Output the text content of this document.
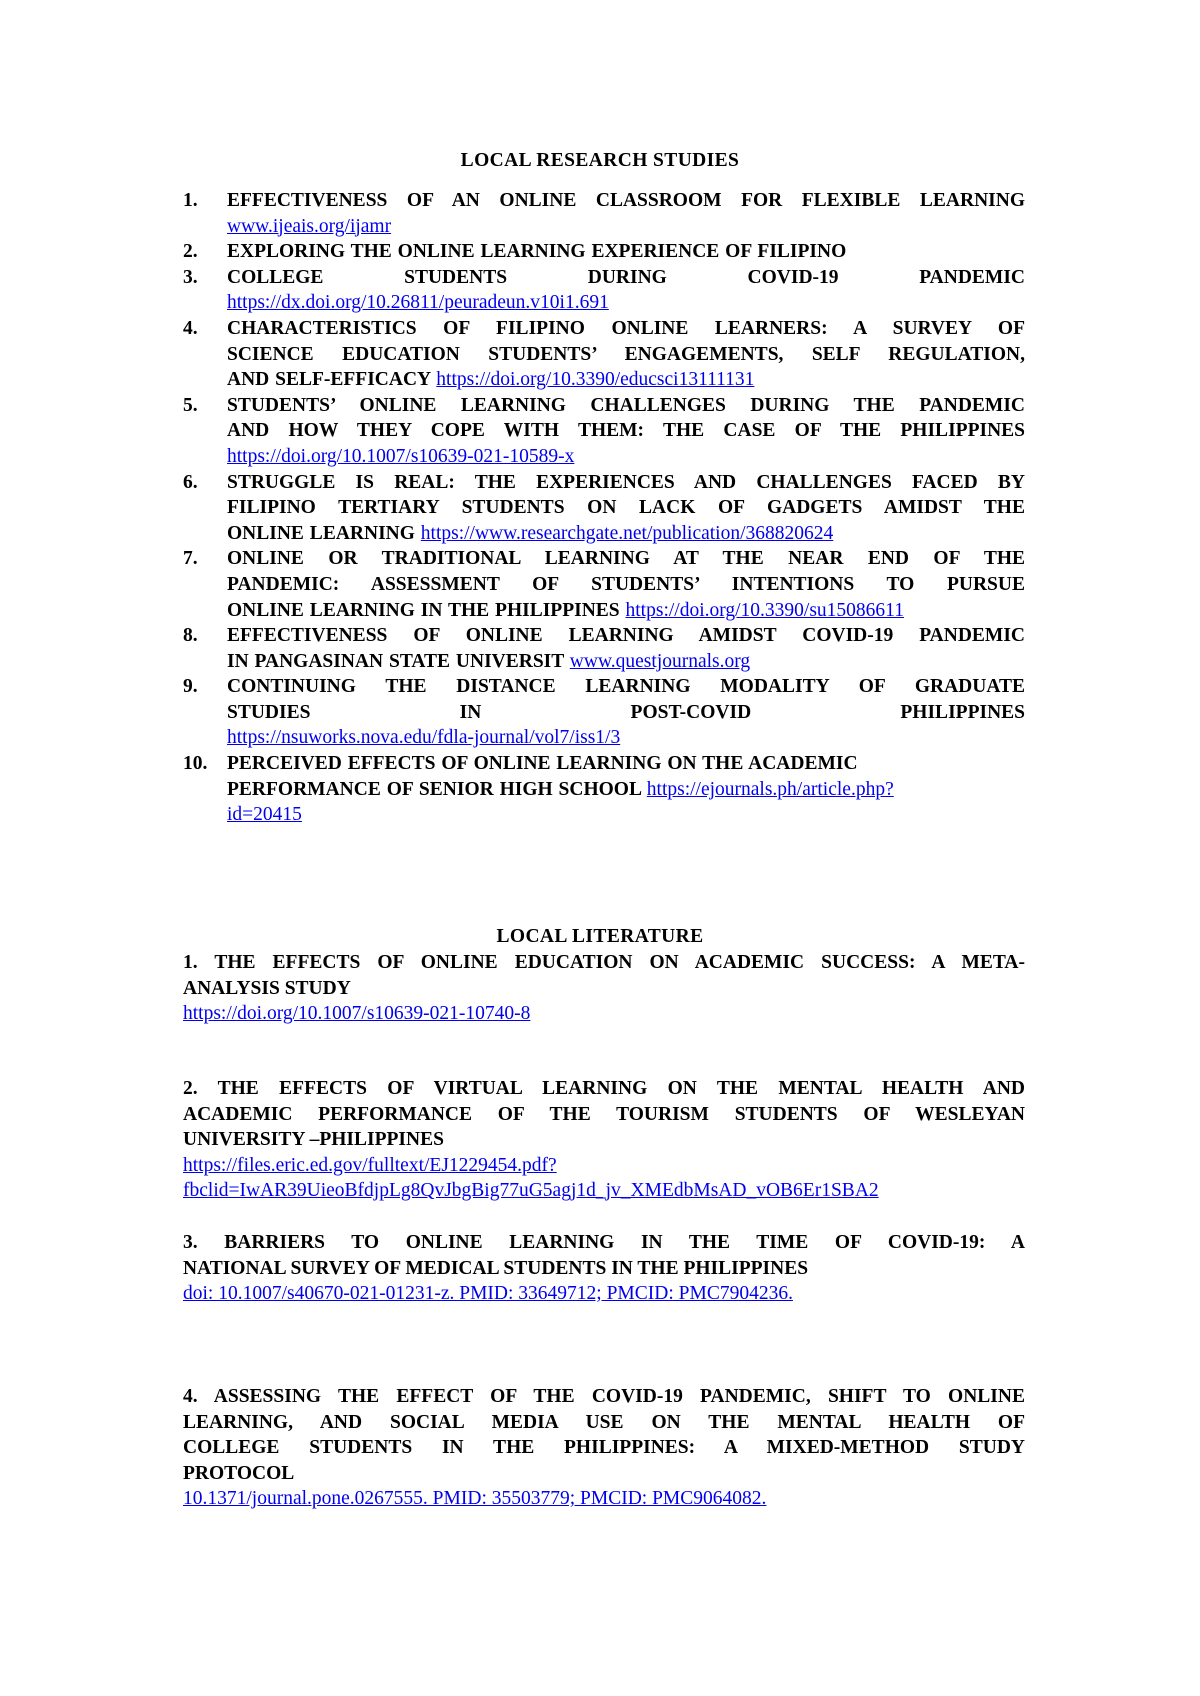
LOCAL RESEARCH STUDIES
1. EFFECTIVENESS OF AN ONLINE CLASSROOM FOR FLEXIBLE LEARNING
www.ijeais.org/ijamr
2. EXPLORING THE ONLINE LEARNING EXPERIENCE OF FILIPINO
3. COLLEGE STUDENTS DURING COVID-19 PANDEMIC
https://dx.doi.org/10.26811/peuradeun.v10i1.691
4. CHARACTERISTICS OF FILIPINO ONLINE LEARNERS: A SURVEY OF
SCIENCE EDUCATION STUDENTS’ ENGAGEMENTS, SELF REGULATION,
AND SELF-EFFICACY https://doi.org/10.3390/educsci13111131
5. STUDENTS’ ONLINE LEARNING CHALLENGES DURING THE PANDEMIC
AND HOW THEY COPE WITH THEM: THE CASE OF THE PHILIPPINES
https://doi.org/10.1007/s10639-021-10589-x
6. STRUGGLE IS REAL: THE EXPERIENCES AND CHALLENGES FACED BY
FILIPINO TERTIARY STUDENTS ON LACK OF GADGETS AMIDST THE
ONLINE LEARNING https://www.researchgate.net/publication/368820624
7. ONLINE OR TRADITIONAL LEARNING AT THE NEAR END OF THE
PANDEMIC: ASSESSMENT OF STUDENTS’ INTENTIONS TO PURSUE
ONLINE LEARNING IN THE PHILIPPINES https://doi.org/10.3390/su15086611
8. EFFECTIVENESS OF ONLINE LEARNING AMIDST COVID-19 PANDEMIC
IN PANGASINAN STATE UNIVERSIT www.questjournals.org
9. CONTINUING THE DISTANCE LEARNING MODALITY OF GRADUATE
STUDIES IN POST-COVID PHILIPPINES
https://nsuworks.nova.edu/fdla-journal/vol7/iss1/3
10. PERCEIVED EFFECTS OF ONLINE LEARNING ON THE ACADEMIC
PERFORMANCE OF SENIOR HIGH SCHOOL https://ejournals.ph/article.php?
id=20415
LOCAL LITERATURE
1. THE EFFECTS OF ONLINE EDUCATION ON ACADEMIC SUCCESS: A META-
ANALYSIS STUDY
https://doi.org/10.1007/s10639-021-10740-8
2. THE EFFECTS OF VIRTUAL LEARNING ON THE MENTAL HEALTH AND
ACADEMIC PERFORMANCE OF THE TOURISM STUDENTS OF WESLEYAN
UNIVERSITY –PHILIPPINES
https://files.eric.ed.gov/fulltext/EJ1229454.pdf?
fbclid=IwAR39UieoBfdjpLg8QvJbgBig77uG5agj1d_jv_XMEdbMsAD_vOB6Er1SBA2
3. BARRIERS TO ONLINE LEARNING IN THE TIME OF COVID-19: A
NATIONAL SURVEY OF MEDICAL STUDENTS IN THE PHILIPPINES
doi: 10.1007/s40670-021-01231-z. PMID: 33649712; PMCID: PMC7904236.
4. ASSESSING THE EFFECT OF THE COVID-19 PANDEMIC, SHIFT TO ONLINE
LEARNING, AND SOCIAL MEDIA USE ON THE MENTAL HEALTH OF
COLLEGE STUDENTS IN THE PHILIPPINES: A MIXED-METHOD STUDY
PROTOCOL
10.1371/journal.pone.0267555. PMID: 35503779; PMCID: PMC9064082.
